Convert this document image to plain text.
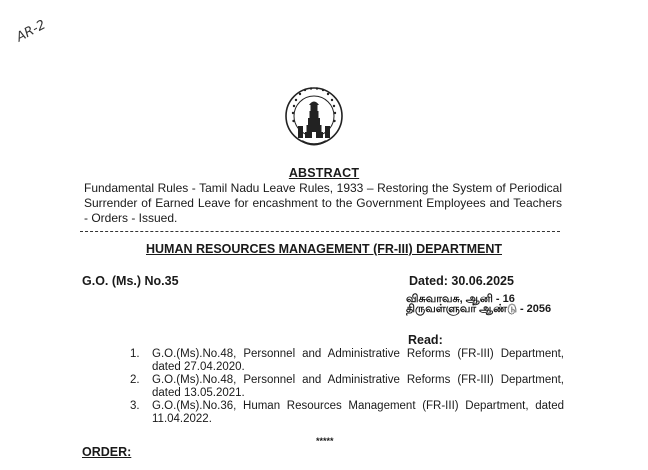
AR-2
ABSTRACT
Fundamental Rules - Tamil Nadu Leave Rules, 1933 – Restoring the System of Periodical Surrender of Earned Leave for encashment to the Government Employees and Teachers - Orders - Issued.
HUMAN RESOURCES MANAGEMENT (FR-III) DEPARTMENT
G.O. (Ms.) No.35	Dated: 30.06.2025
விசுவாவசு, ஆனி - 16
திருவள்ளுவர் ஆண்டு - 2056
Read:
1. G.O.(Ms).No.48, Personnel and Administrative Reforms (FR-III) Department, dated 27.04.2020.
2. G.O.(Ms).No.48, Personnel and Administrative Reforms (FR-III) Department, dated 13.05.2021.
3. G.O.(Ms).No.36, Human Resources Management (FR-III) Department, dated 11.04.2022.
*****
ORDER:
